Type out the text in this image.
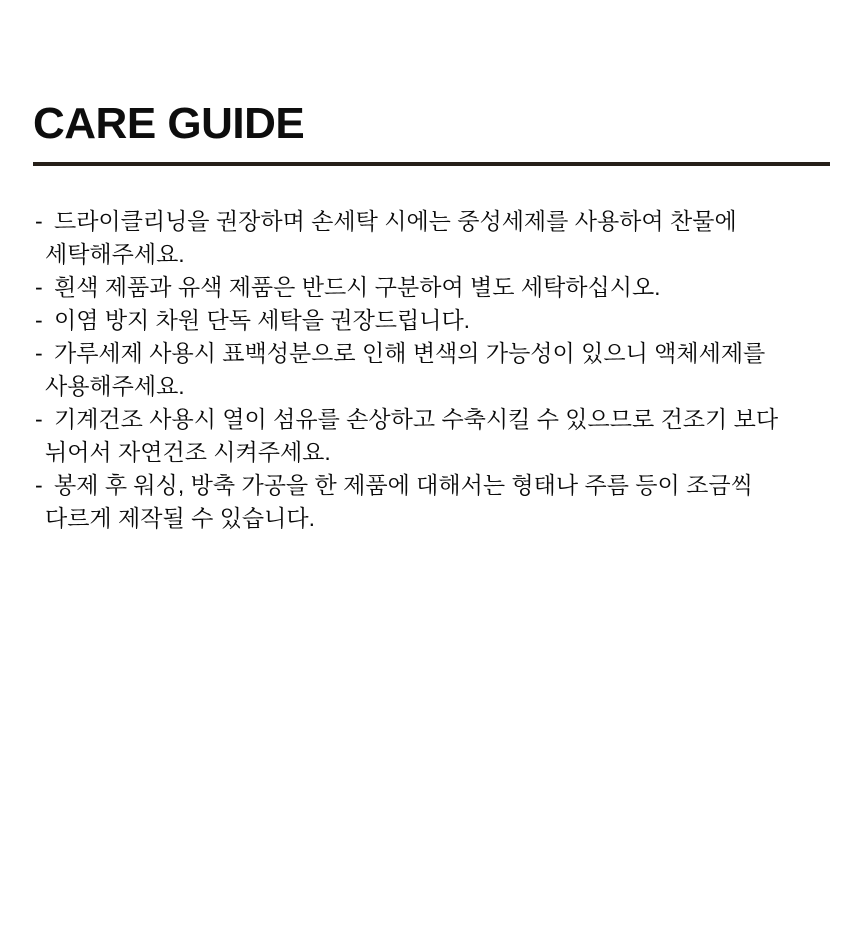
CARE GUIDE
- 드라이클리닝을 권장하며 손세탁 시에는 중성세제를 사용하여 찬물에
세탁해주세요.
- 흰색 제품과 유색 제품은 반드시 구분하여 별도 세탁하십시오.
- 이염 방지 차원 단독 세탁을 권장드립니다.
- 가루세제 사용시 표백성분으로 인해 변색의 가능성이 있으니 액체세제를
사용해주세요.
- 기계건조 사용시 열이 섬유를 손상하고 수축시킬 수 있으므로 건조기 보다
뉘어서 자연건조 시켜주세요.
- 봉제 후 워싱, 방축 가공을 한 제품에 대해서는 형태나 주름 등이 조금씩
다르게 제작될 수 있습니다.
